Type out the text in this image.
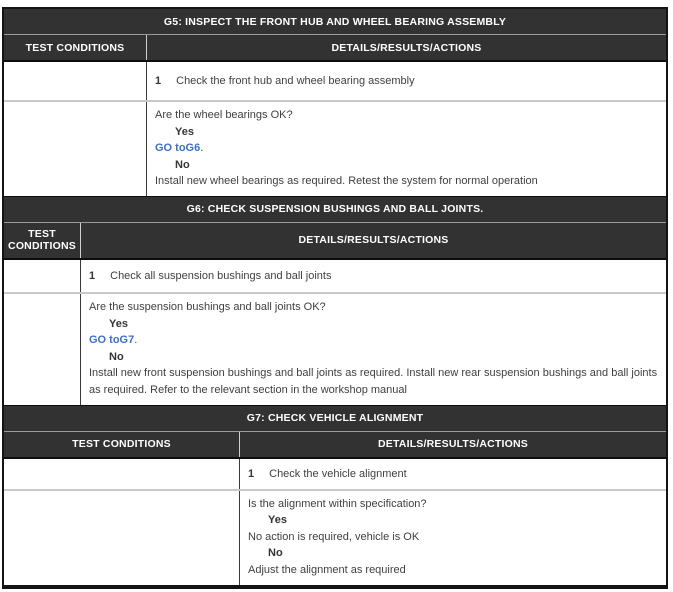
G5: INSPECT THE FRONT HUB AND WHEEL BEARING ASSEMBLY
TEST CONDITIONS	DETAILS/RESULTS/ACTIONS
1 Check the front hub and wheel bearing assembly
Are the wheel bearings OK?
Yes
GO toG6.
No
Install new wheel bearings as required. Retest the system for normal operation
G6: CHECK SUSPENSION BUSHINGS AND BALL JOINTS.
TEST CONDITIONS	DETAILS/RESULTS/ACTIONS
1 Check all suspension bushings and ball joints
Are the suspension bushings and ball joints OK?
Yes
GO toG7.
No
Install new front suspension bushings and ball joints as required. Install new rear suspension bushings and ball joints as required. Refer to the relevant section in the workshop manual
G7: CHECK VEHICLE ALIGNMENT
TEST CONDITIONS	DETAILS/RESULTS/ACTIONS
1 Check the vehicle alignment
Is the alignment within specification?
Yes
No action is required, vehicle is OK
No
Adjust the alignment as required
